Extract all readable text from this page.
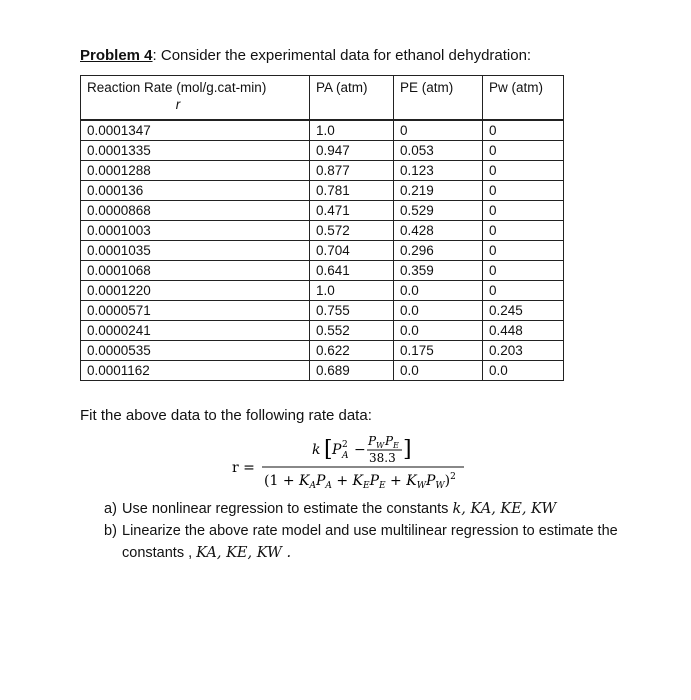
Problem 4: Consider the experimental data for ethanol dehydration:
Reaction Rate (mol/g.cat-min)
r	PA (atm)	PE (atm)	Pw (atm)
0.0001347	1.0	0	0
0.0001335	0.947	0.053	0
0.0001288	0.877	0.123	0
0.000136	0.781	0.219	0
0.0000868	0.471	0.529	0
0.0001003	0.572	0.428	0
0.0001035	0.704	0.296	0
0.0001068	0.641	0.359	0
0.0001220	1.0	0.0	0
0.0000571	0.755	0.0	0.245
0.0000241	0.552	0.0	0.448
0.0000535	0.622	0.175	0.203
0.0001162	0.689	0.0	0.0
Fit the above data to the following rate data:
r =
k [ P A
2 −
P W P E
38.3 ]
$(1 + K_AP_A + K_EP_E + K_WP_W)^2$
a) Use nonlinear regression to estimate the constants k, KA, KE, KW
b) Linearize the above rate model and use multilinear regression to estimate the constants , KA, KE, KW .
